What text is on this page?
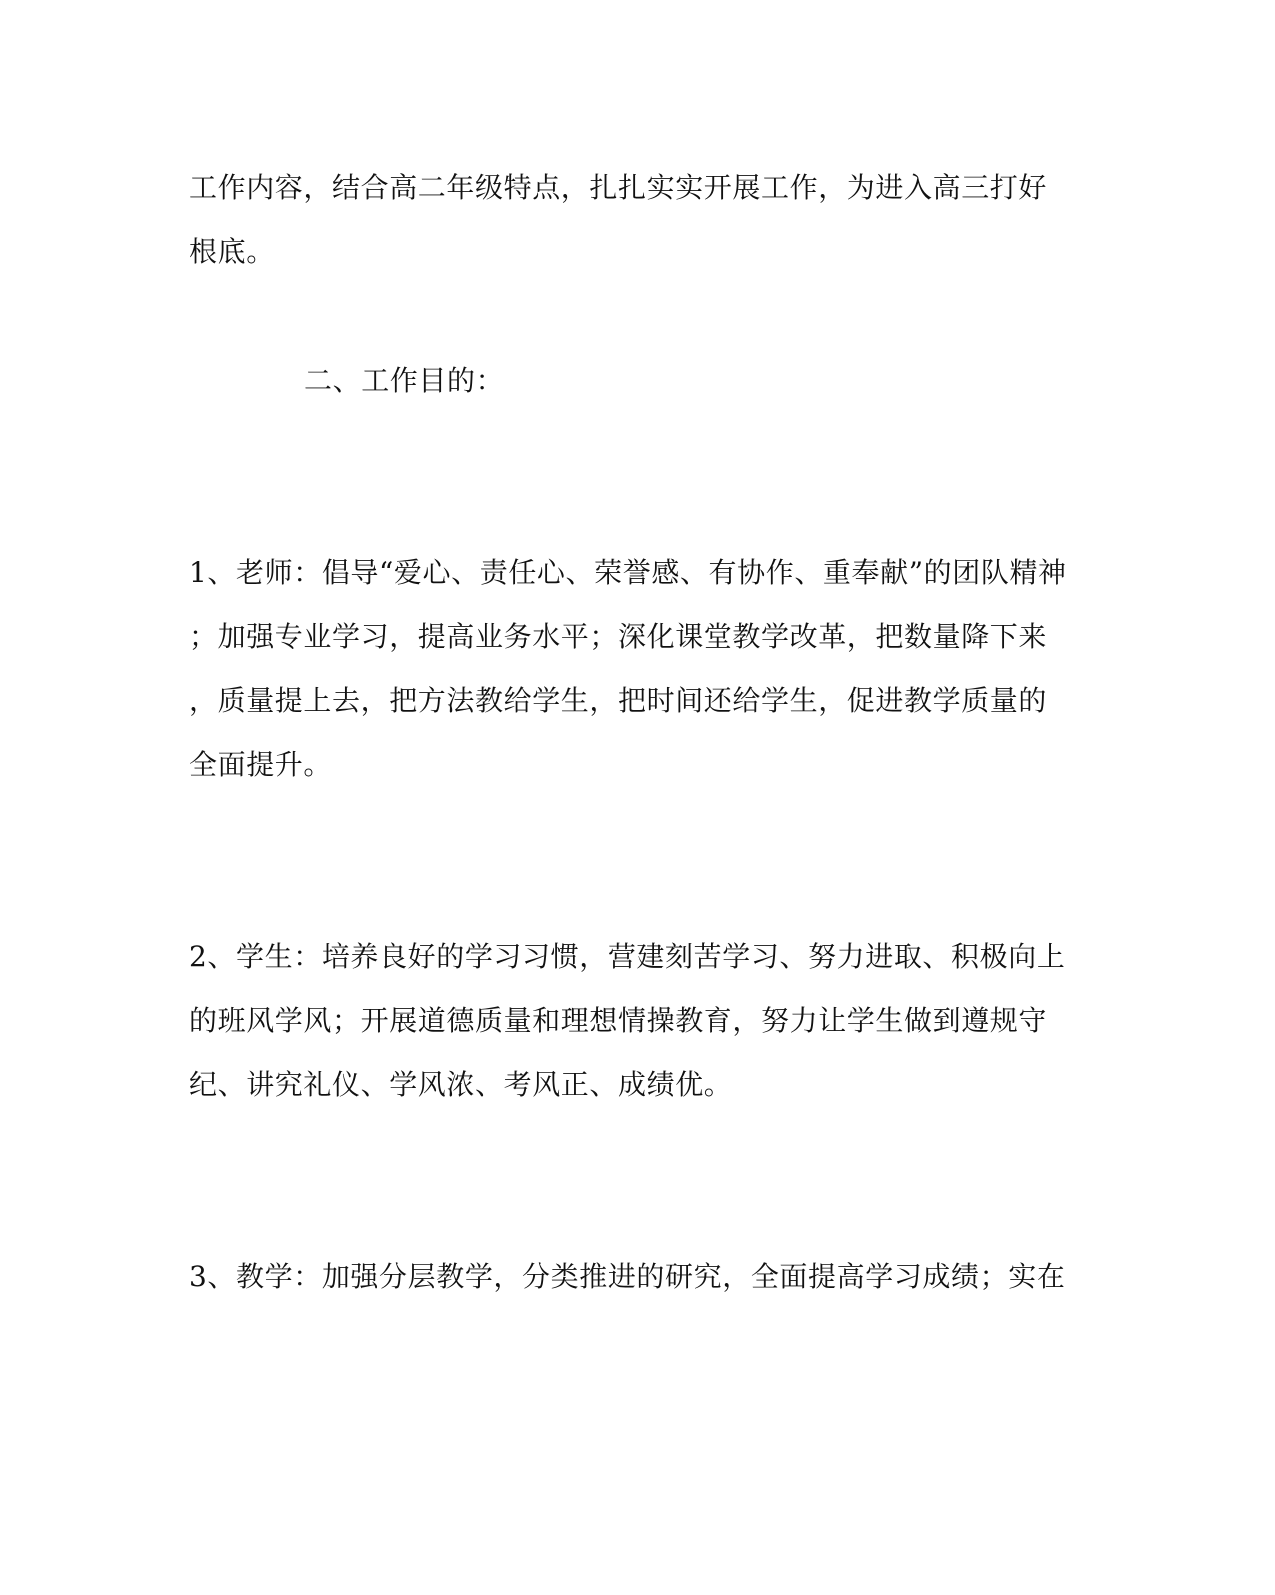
工作内容，结合高二年级特点，扎扎实实开展工作，为进入高三打好
根底。
二、工作目的：
1、老师：倡导“爱心、责任心、荣誉感、有协作、重奉献”的团队精神
；加强专业学习，提高业务水平；深化课堂教学改革，把数量降下来
，质量提上去，把方法教给学生，把时间还给学生，促进教学质量的
全面提升。
2、学生：培养良好的学习习惯，营建刻苦学习、努力进取、积极向上
的班风学风；开展道德质量和理想情操教育，努力让学生做到遵规守
纪、讲究礼仪、学风浓、考风正、成绩优。
3、教学：加强分层教学，分类推进的研究，全面提高学习成绩；实在
